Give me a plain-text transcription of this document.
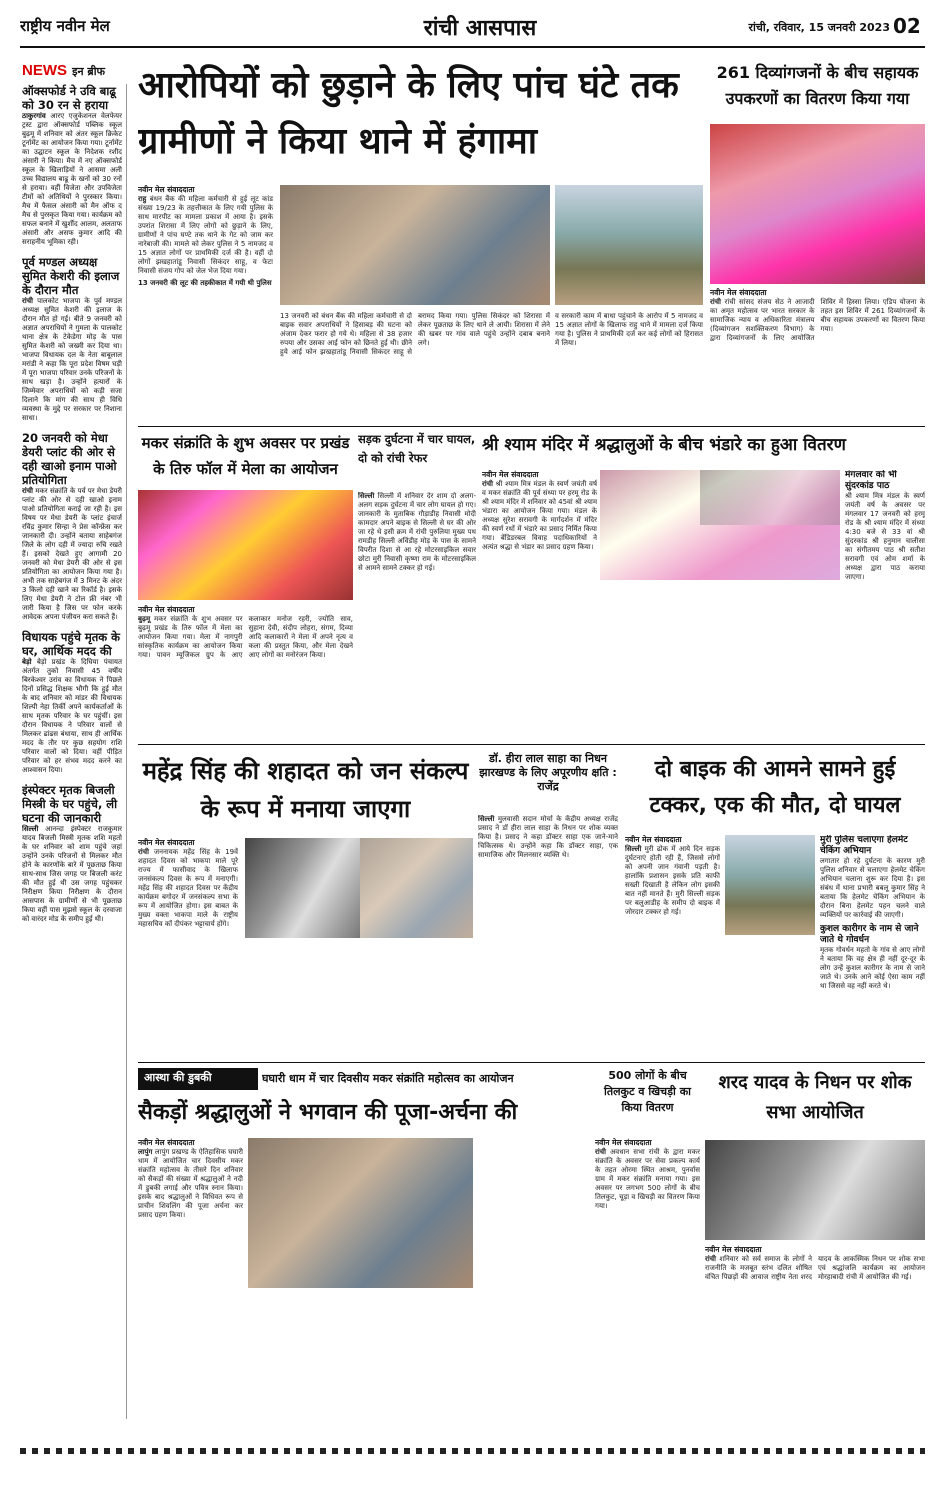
राष्ट्रीय नवीन मेल	रांची आसपास	रांची, रविवार, 15 जनवरी 2023 02
NEWS इन ब्रीफ
ऑक्सफोर्ड ने उवि बाढू को 30 रन से हराया
ठाकुरगांव आरए एजुकेशनल वेलफेयर ट्रस्ट द्वारा ऑक्सफोर्ड पब्लिक स्कूल बुढ़मू में शनिवार को अंतर स्कूल क्रिकेट टूर्नामेंट का आयोजन किया गया। टूर्नामेंट का उद्घाटन स्कूल के निदेशक रशीद अंसारी ने किया। मैच में नए ऑक्सफोर्ड स्कूल के खिलाड़ियों ने आसमा अली उच्च विद्यालय बाढू के खनों को 30 रनों से हराया। वहीं विजेता और उपविजेता टीमों को अतिथियों ने पुरस्कार किया। मैच में फैसल अंसारी को मैन ऑफ द मैच से पुरस्कृत किया गया। कार्यक्रम को सफल बनाने में खुर्शीद आलम, अलताफ अंसारी और असफ कुमार आदि की सराहनीय भूमिका रही।
पूर्व मण्डल अध्यक्ष सुमित केशरी की इलाज के दौरान मौत
रांची पालकोट भाजपा के पूर्व मण्डल अध्यक्ष सुमित केशरी की इलाज के दौरान मौत हो गई। बीते 9 जनवरी को अज्ञात अपराधियों ने गुमला के पालकोट थाना क्षेत्र के टेकेडेगा मोड़ के पास सुमित केशरी को जख्मी कर दिया था। भाजपा विधायक दल के नेता बाबूलाल मरांडी ने कहा कि पूरा प्रदेश विषम घड़ी में पूरा भाजपा परिवार उनके परिजनों के साथ खड़ा है। उन्होंने हत्यारों के जिम्मेवार अपराधियों को कड़ी सजा दिलाने कि मांग की साथ ही विधि व्यवस्था के मुद्दे पर सरकार पर निशाना साधा।
20 जनवरी को मेधा डेयरी प्लांट की ओर से दही खाओ इनाम पाओ प्रतियोगिता
रांची मकर संक्रांति के पर्व पर मेधा डेयरी प्लांट की ओर से दही खाओ इनाम पाओ प्रतियोगिता कराई जा रही है। इस विषय पर मेधा डेयरी के प्लांट इंचार्ज रविंद्र कुमार सिन्हा ने प्रेस कॉन्फ्रेंस कर जानकारी दी। उन्होंने बताया साहेबगंज जिले के लोग दही में ज्यादा रुचि रखते हैं। इसको देखते हुए आगामी 20 जनवरी को मेधा डेयरी की ओर से इस प्रतियोगिता का आयोजन किया गया है। अभी तक साहेबगंज में 3 मिनट के अंदर 3 किलो दही खाने का रिकॉर्ड है। इसके लिए मेधा डेयरी ने टोल फ्री नंबर भी जारी किया है जिस पर फोन करके आवेदक अपना पंजीयन करा सकते हैं।
विधायक पहुंचे मृतक के घर, आर्थिक मदद की
बेड़ो बेड़ो प्रखंड के दिघिया पंचायत अंतर्गत तुको निवासी 45 वर्षीय बिरकेश्वर उरांव का विधायक ने पिछले दिनों प्रसिद्ध शिक्षक भौगी कि हुई मौत के बाद शनिवार को मांडर की विधायक शिल्पी नेहा तिर्की अपने कार्यकर्ताओं के साथ मृतक परिवार के घर पहुंचीं। इस दौरान विधायक ने परिवार वालों से मिलकर ढांढस बंधाया, साथ ही आर्थिक मदद के तौर पर कुछ सहयोग राशि परिवार वालों को दिया। वहीं पीड़ित परिवार को हर संभव मदद करने का आश्वासन दिया।
इंस्पेक्टर मृतक बिजली मिस्त्री के घर पहुंचे, ली घटना की जानकारी
सिल्ली आनन्दा इंस्पेक्टर राजकुमार यादव बिजली मिस्त्री मृतक शशि महतो के घर शनिवार को शाम पहुंचे जहां उन्होंने उनके परिजनों से मिलकर मौत होने के कारणोंके बारे में पूछताछ किया साथ-साथ जिस जगह पर बिजली करंट की मौत हुई थी उस जगह पहुंचकर निरीक्षण किया निरीक्षण के दौरान आसपास के ग्रामीणों से भी पूछताछ किया वहीं पास मुझसे स्कूल के दरवाजा को वारंदर मोड के समीप हुई थी।
आरोपियों को छुड़ाने के लिए पांच घंटे तक ग्रामीणों ने किया थाने में हंगामा
नवीन मेल संवाददाता
राहु बंधन बैंक की महिला कर्मचारी से हुई लूट कांड संख्या 19/23 के तहत्तीकात के लिए गयी पुलिस के साथ मारपीट का मामला प्रकाश में आया है। इसके उपरांत शिरासा में लिए लोगों को छुड़ाने के लिए, ग्रामीणों ने पांच घण्टे तक थाने के गेट को जाम कर नारेबाजी की। मामले को लेकर पुलिस ने 5 नामजद व 15 अज्ञात लोगों पर प्राथमिकी दर्ज की है। वहीं दो लोगों झखहातांडू निवासी सिकंदर साहू, व फेटा निवासी संजय गोप को जेल भेज दिया गया।
13 जनवरी की लूट की तहकीकात में गयी थी पुलिस
13 जनवरी को बंधन बैंक की महिला कर्मचारी से दो बाइक सवार अपराधियों ने हिसाबड़ की घटना को अंजाम देकर फरार हो गये थे। महिला से 38 हजार रुपया और उसका आई फोन को छिनते हुई थी। छीने हुये आई फोन झखहातांडू निवासी सिकंदर साहू से बरामद किया गया। पुलिस सिकंदर को शिरासा में लेकर पूछताछ के लिए थाने ले आयी। शिरासा में लेने की खबर पर गांव वाले पहुंचे उन्होंने दबाब बनाने लगे।
व सरकारी काम में बाधा पहुंचाने के आरोप में 5 नामजद व 15 अज्ञात लोगों के खिलाफ राहु थाने में मामला दर्ज किया गया है। पुलिस ने प्राथमिकी दर्ज कर कई लोगों को हिरासत में लिया।
261 दिव्यांगजनों के बीच सहायक उपकरणों का वितरण किया गया
नवीन मेल संवाददाता
रांची रांची सांसद संजय सेठ ने आजादी का अमृत महोत्सव पर भारत सरकार के सामाजिक न्याय व अधिकारिता मंत्रालय (दिव्यांगजन सशक्तिकरण विभाग) के द्वारा दिव्यांगजनों के लिए आयोजित शिविर में हिस्सा लिया। एडिप योजना के तहत इस शिविर में 261 दिव्यांगजनों के बीच सहायक उपकरणों का वितरण किया गया।
मकर संक्रांति के शुभ अवसर पर प्रखंड के तिरु फॉल में मेला का आयोजन
नवीन मेल संवाददाता
बुढ़मू मकर संक्रांति के शुभ अवसर पर बुढ़मू प्रखंड के तिरु फॉल में मेला का आयोजन किया गया। मेला में नागपुरी सांस्कृतिक कार्यक्रम का आयोजन किया गया। पावन म्यूजिकल ग्रुप के आए कलाकार मनोज रहरी, ज्योति साव, सुहाना देवी, संदीप लोहरा, संगम, दिव्या आदि कलाकारों ने मेला में अपने नृत्य व कला की प्रस्तुत किया, और मेला देखने आए लोगों का मनोरंजन किया।
सड़क दुर्घटना में चार घायल, दो को रांची रेफर
सिल्ली सिल्ली में शनिवार देर शाम दो अलग-अलग सड़क दुर्घटना में चार लोग घायल हो गए। जानकारी के मुताबिक गौड़ाडीह निवासी मोदी कामदार अपने बाइक से सिल्ली से घर की ओर जा रहे थे इसी क्रम में रांची पुरुलिया मुख्य पथ रामडीह सिल्ली अविंडीह मोड़ के पास के सामने विपरीत दिशा से आ रहे मोटरसाइकिल सवार छोटा मुरी निवासी कृष्णा राम के मोटरसाइकिल से आमने सामने टक्कर हो गई।
श्री श्याम मंदिर में श्रद्धालुओं के बीच भंडारे का हुआ वितरण
नवीन मेल संवाददाता
रांची श्री श्याम मित्र मंडल के स्वर्ण जयंती वर्ष व मकर संक्रांति की पूर्व संध्या पर हरमू रोड के श्री श्याम मंदिर में शनिवार को 45वां श्री श्याम भंडारा का आयोजन किया गया। मंडल के अध्यक्ष सुरेश सरावगी के मार्गदर्शन में मंदिर की स्वर्ण रथों में भंडारे का प्रसाद निर्मित किया गया। बेंडिडरबल विवाह पदाधिकारियों ने अत्यंत श्रद्धा से भंडार का प्रसाद ग्रहण किया।
मंगलवार को भी सुंदरकांड पाठ
श्री श्याम मित्र मंडल के स्वर्ण जयंती वर्ष के अवसर पर मंगलवार 17 जनवरी को हरमू रोड के श्री श्याम मंदिर में संध्या 4:30 बजे से 33 वां श्री सुंदरकांड श्री हनुमान चालीसा का संगीतमय पाठ श्री सतीश सरावगी एवं ओम शर्मा के अध्यक्ष द्वारा पाठ कराया जाएगा।
डॉ. हीरा लाल साहा का निधन झारखण्ड के लिए अपूरणीय क्षति : राजेंद्र
सिल्ली मुलवासी सदान मोर्चा के केंद्रीय अध्यक्ष राजेंद्र प्रसाद ने डॉ हीरा लाल साहा के निधन पर शोक व्यक्त किया है। प्रसाद ने कहा डॉक्टर साहा एक जाने-माने चिकित्सक थे। उन्होंने कहा कि डॉक्टर साहा, एक सामाजिक और मिलनसार व्यक्ति थे।
महेंद्र सिंह की शहादत को जन संकल्प के रूप में मनाया जाएगा
नवीन मेल संवाददाता
रांची जननायक महेंद्र सिंह के 19वें शहादत दिवस को भाकपा माले पूरे राज्य में फासीवाद के खिलाफ जनसंकल्प दिवस के रूप में मनाएगी। महेंद्र सिंह की शहादत दिवस पर केंद्रीय कार्यक्रम बगोदर में जनसंकल्प सभा के रूप में आयोजित होगा। इस बाबत के मुख्य वक्ता भाकपा माले के राष्ट्रीय महासचिव कॉ दीपंकर भट्टाचार्य होंगे।
दो बाइक की आमने सामने हुई टक्कर, एक की मौत, दो घायल
नवीन मेल संवाददाता
सिल्ली मुरी ढोक में आये दिन सड़क दुर्घटनाएं होती रही हैं, जिससे लोगों को अपनी जान गंवानी पड़ती है। हालांकि प्रशासन इसके प्रति काफी सख्ती दिखाती है लेकिन लोग इसकी बात नहीं मानते हैं। मुरी सिल्ली सड़क पर बलुआडीह के समीप दो बाइक में जोरदार टक्कर हो गई।
मुरी पुलिस चलाएगा हेलमेट चेकिंग अभियान
लगातार हो रहे दुर्घटना के कारण मुरी पुलिस शनिवार से चलाएगा हेलमेट चेकिंग अभियान चलाना शुरू कर दिया है। इस संबंध में थाना प्रभारी बबलू कुमार सिंह ने बताया कि हेलमेट चेकिंग अभियान के दौरान बिना हेलमेट पहन चलने वाले व्यक्तियों पर कार्रवाई की जाएगी।
कुशल कारीगर के नाम से जाने जाते थे गोवर्धन
मृतक गोवर्धन महतो के गांव से आए लोगों ने बताया कि वह क्षेत्र ही नहीं दूर-दूर के लोग उन्हें कुशल कारीगर के नाम से जाने जाते थे। उनके आने कोई ऐसा काम नहीं था जिससे वह नहीं करते थे।
आस्था की डुबकी	घघारी धाम में चार दिवसीय मकर संक्रांति महोत्सव का आयोजन
सैकड़ों श्रद्धालुओं ने भगवान की पूजा-अर्चना की
नवीन मेल संवाददाता
लापुंग लापुंग प्रखण्ड के ऐतिहासिक घघारी धाम में आयोजित चार दिवसीय मकर संक्रांति महोत्सव के तीसरे दिन शनिवार को सैकड़ों की संख्या में श्रद्धालुओं ने नदी में डुबकी लगाई और पवित्र स्नान किया। इसके बाद श्रद्धालुओं ने विधिवत रूप से प्राचीन शिवलिंग की पूजा अर्चना कर प्रसाद ग्रहण किया।
500 लोगों के बीच तिलकुट व खिचड़ी का किया वितरण
नवीन मेल संवाददाता
रांची अवधान सभा रांची के द्वारा मकर संक्रांति के अवसर पर सेवा प्रकल्प कार्य के तहत ओरमा स्थित आश्रम, पुनर्वास ग्राम में मकर संक्रांति मनाया गया। इस अवसर पर लगभग 500 लोगों के बीच तिलकुट, चूड़ा व खिचड़ी का वितरण किया गया।
शरद यादव के निधन पर शोक सभा आयोजित
नवीन मेल संवाददाता
रांची शनिवार को सर्व समाज के लोगों ने राजनीति के मजबूत स्तंभ दलित शोषित वंचित पिछड़ों की आवाज राष्ट्रीय नेता शरद यादव के आकस्मिक निधन पर शोक सभा एवं श्रद्धांजलि कार्यक्रम का आयोजन मोरहाबादी रांची में आयोजित की गई।
